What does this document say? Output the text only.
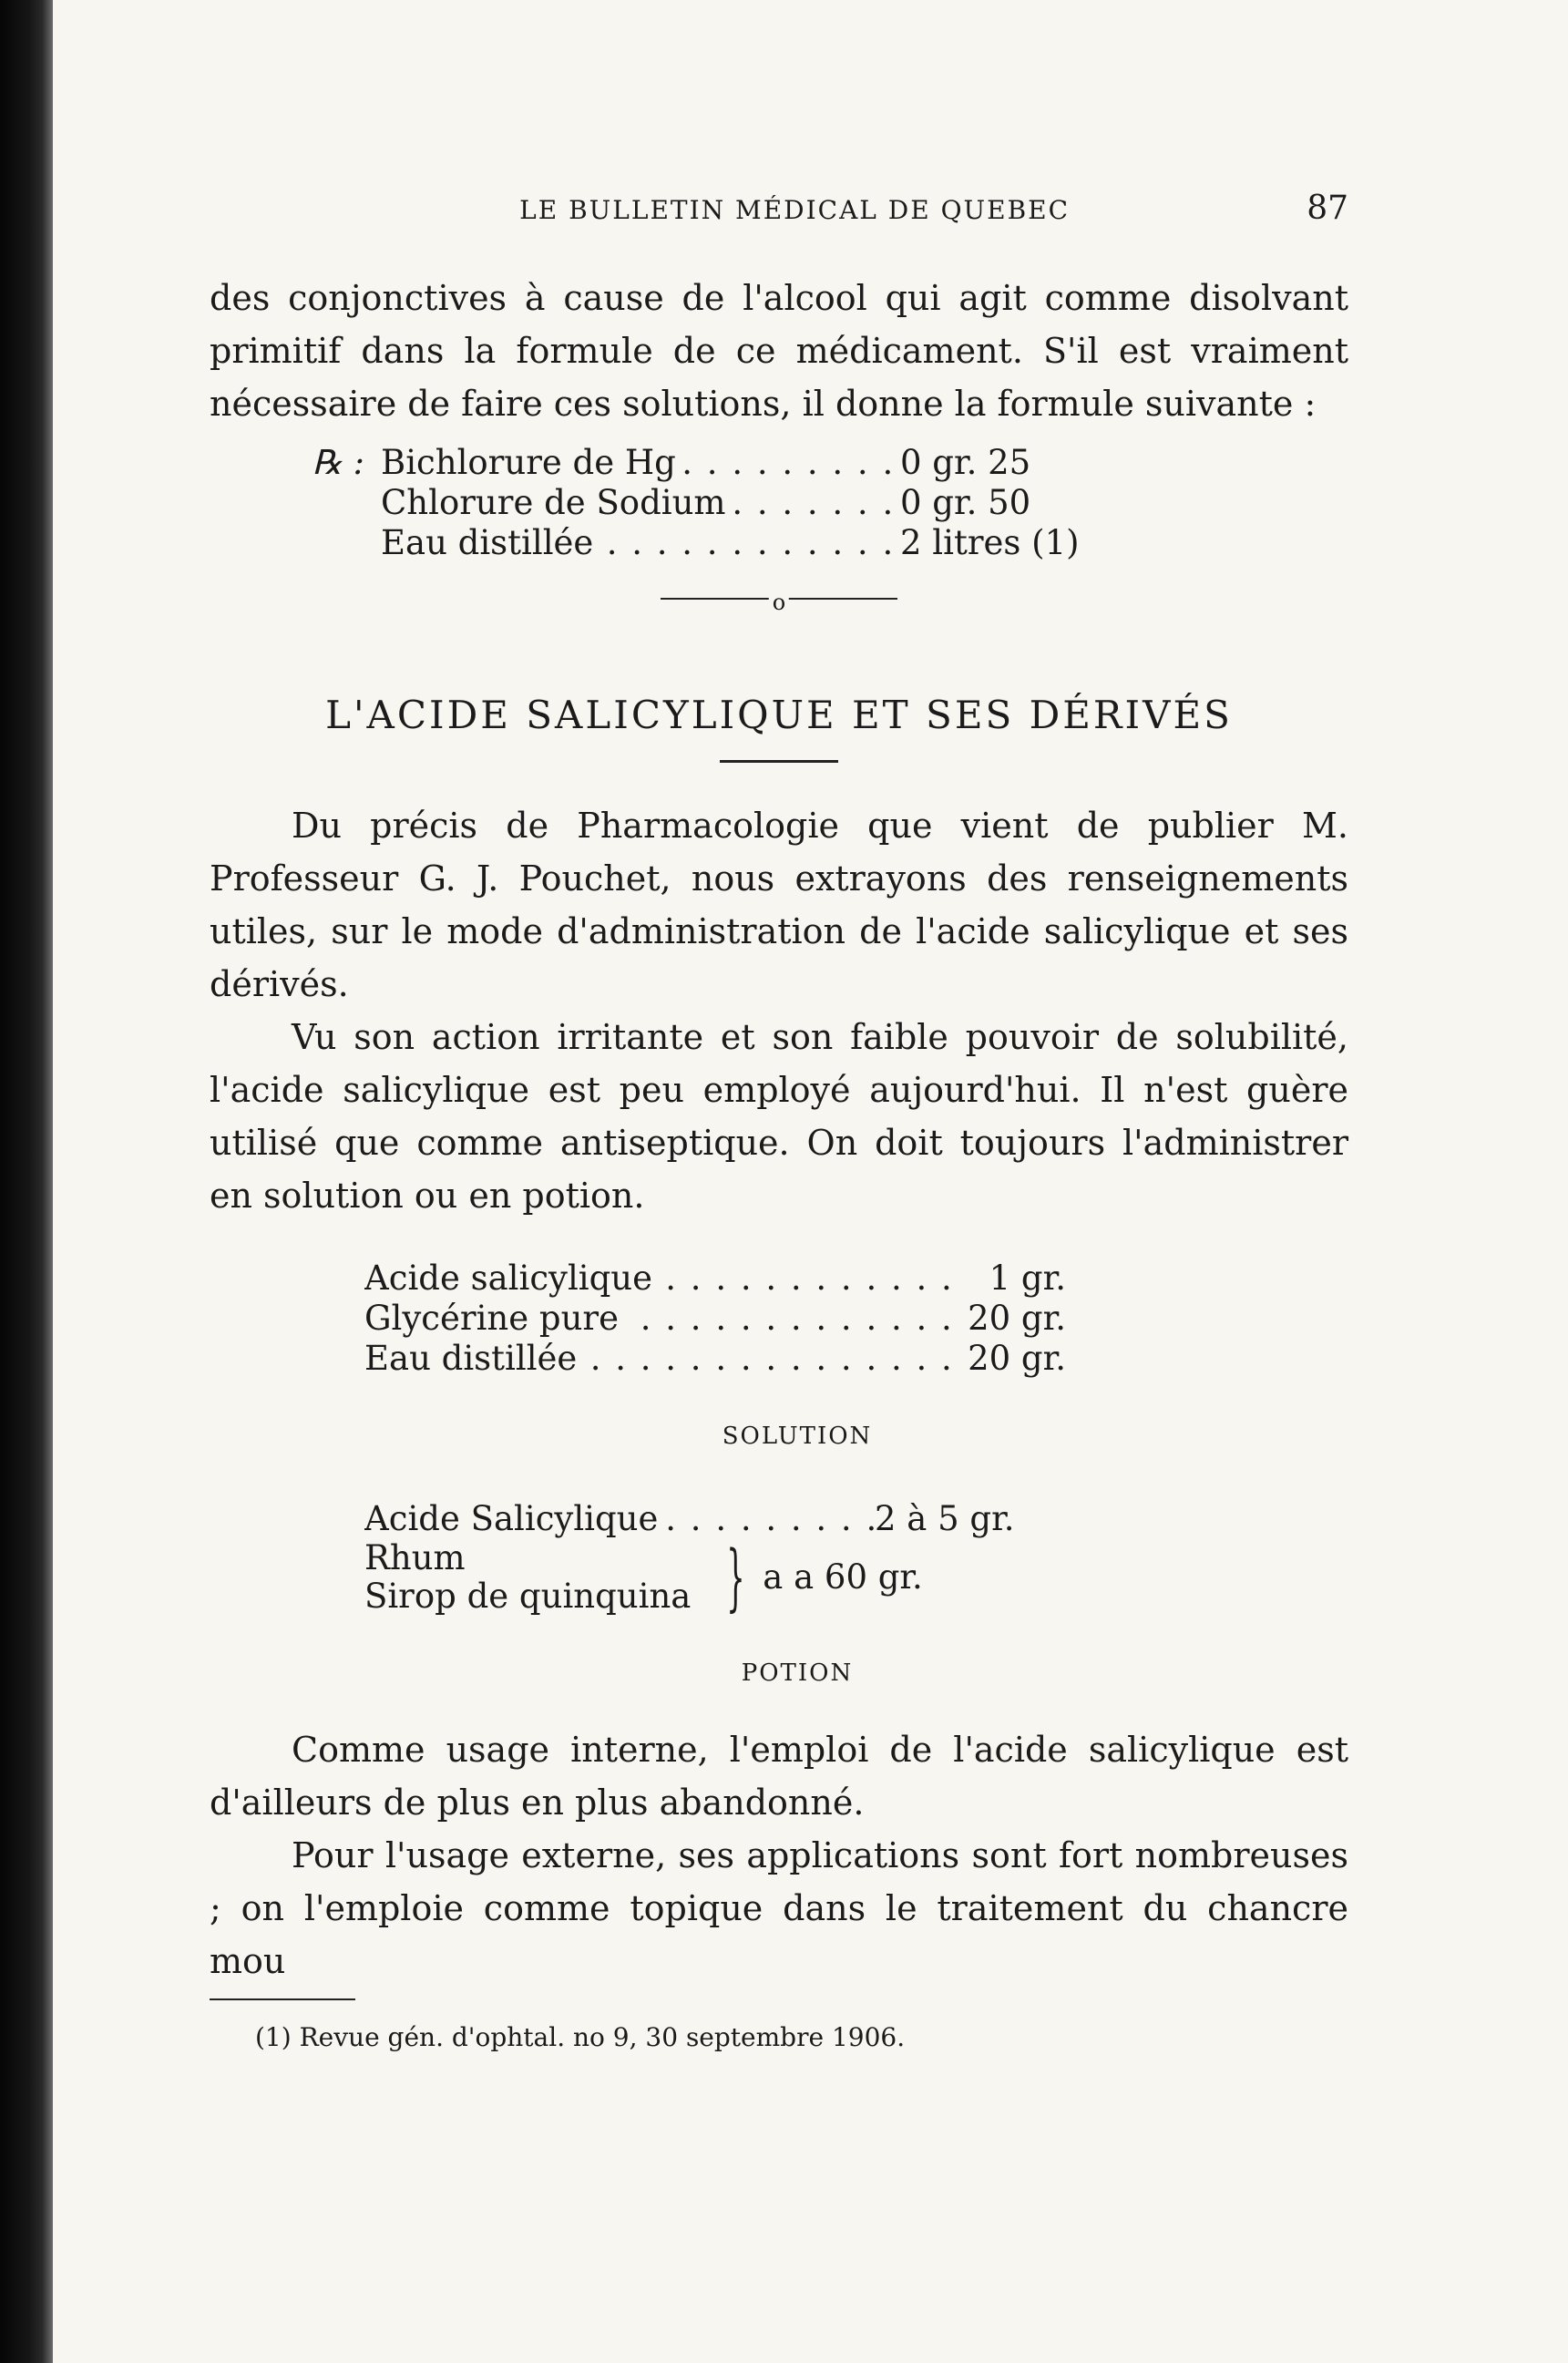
LE BULLETIN MÉDICAL DE QUEBEC	87

des conjonctives à cause de l'alcool qui agit comme disolvant primitif dans la formule de ce médicament. S'il est vraiment nécessaire de faire ces solutions, il donne la formule suivante :

℞ : Bichlorure de Hg . . .	0 gr. 25
Chlorure de Sodium . . .	0 gr. 50
Eau distillée . . .	2 litres (1)
o
L'ACIDE SALICYLIQUE ET SES DÉRIVÉS

Du précis de Pharmacologie que vient de publier M. Professeur G. J. Pouchet, nous extrayons des renseignements utiles, sur le mode d'administration de l'acide salicylique et ses dérivés.

Vu son action irritante et son faible pouvoir de solubilité, l'acide salicylique est peu employé aujourd'hui. Il n'est guère utilisé que comme antiseptique. On doit toujours l'administrer en solution ou en potion.

Acide salicylique . . .	1 gr.
Glycérine pure . . .	20 gr.
Eau distillée . . .	20 gr.
SOLUTION
Acide Salicylique . . .	2 à 5 gr.
Rhum
Sirop de quinquina } a a 60 gr.
POTION

Comme usage interne, l'emploi de l'acide salicylique est d'ailleurs de plus en plus abandonné.

Pour l'usage externe, ses applications sont fort nombreuses ; on l'emploie comme topique dans le traitement du chancre mou

(1) Revue gén. d'ophtal. no 9, 30 septembre 1906.
